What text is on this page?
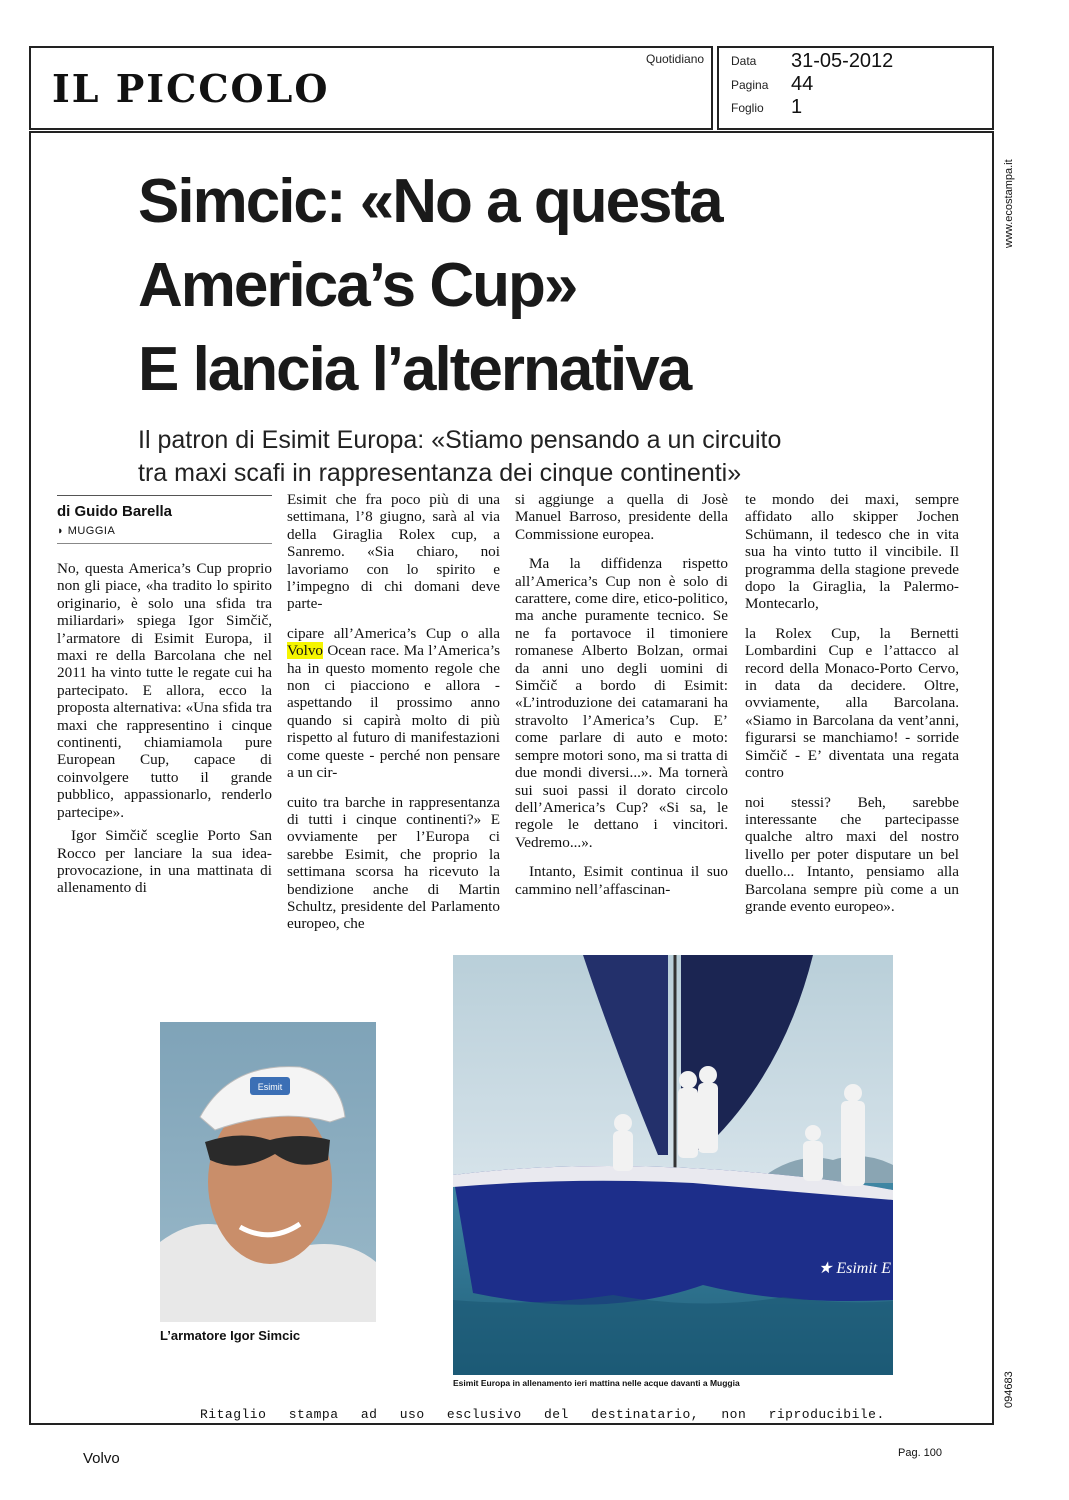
IL PICCOLO
Quotidiano Data 31-05-2012
Pagina 44
Foglio 1
www.ecostampa.it
094683
Simcic: «No a questa
America’s Cup»
E lancia l’alternativa
Il patron di Esimit Europa: «Stiamo pensando a un circuito
tra maxi scafi in rappresentanza dei cinque continenti»
di Guido Barella
◗ MUGGIA

No, questa America’s Cup proprio non gli piace, «ha tradito lo spirito originario, è solo una sfida tra miliardari» spiega Igor Simčič, l’armatore di Esimit Europa, il maxi re della Barcolana che nel 2011 ha vinto tutte le regate cui ha partecipato. E allora, ecco la proposta alternativa: «Una sfida tra maxi che rappresentino i cinque continenti, chiamiamola pure European Cup, capace di coinvolgere tutto il grande pubblico, appassionarlo, renderlo partecipe».

Igor Simčič sceglie Porto San Rocco per lanciare la sua idea-provocazione, in una mattinata di allenamento di

Esimit che fra poco più di una settimana, l’8 giugno, sarà al via della Giraglia Rolex cup, a Sanremo. «Sia chiaro, noi lavoriamo con lo spirito e l’impegno di chi domani deve parte-

cipare all’America’s Cup o alla Volvo Ocean race. Ma l’America’s ha in questo momento regole che non ci piacciono e allora - aspettando il prossimo anno quando si capirà molto di più rispetto al futuro di manifestazioni come queste - perché non pensare a un cir-

cuito tra barche in rappresentanza di tutti i cinque continenti?» E ovviamente per l’Europa ci sarebbe Esimit, che proprio la settimana scorsa ha ricevuto la bendizione anche di Martin Schultz, presidente del Parlamento europeo, che

si aggiunge a quella di Josè Manuel Barroso, presidente della Commissione europea.

Ma la diffidenza rispetto all’America’s Cup non è solo di carattere, come dire, etico-politico, ma anche puramente tecnico. Se ne fa portavoce il timoniere romanese Alberto Bolzan, ormai da anni uno degli uomini di Simčič a bordo di Esimit: «L’introduzione dei catamarani ha stravolto l’America’s Cup. E’ come parlare di auto e moto: sempre motori sono, ma si tratta di due mondi diversi...». Ma tornerà sui suoi passi il dorato circolo dell’America’s Cup? «Si sa, le regole le dettano i vincitori. Vedremo...».

Intanto, Esimit continua il suo cammino nell’affascinan-

te mondo dei maxi, sempre affidato allo skipper Jochen Schümann, il tedesco che in vita sua ha vinto tutto il vincibile. Il programma della stagione prevede dopo la Giraglia, la Palermo-Montecarlo,

la Rolex Cup, la Bernetti Lombardini Cup e l’attacco al record della Monaco-Porto Cervo, in data da decidere. Oltre, ovviamente, alla Barcolana. «Siamo in Barcolana da vent’anni, figurarsi se manchiamo! - sorride Simčič - E’ diventata una regata contro

noi stessi? Beh, sarebbe interessante che partecipasse qualche altro maxi del nostro livello per poter disputare un bel duello... Intanto, pensiamo alla Barcolana sempre più come a un grande evento europeo».

Esimit
L’armatore Igor Simcic
★ Esimit E
Esimit Europa in allenamento ieri mattina nelle acque davanti a Muggia
Ritaglio stampa ad uso esclusivo del destinatario, non riproducibile.
Volvo	Pag. 100
